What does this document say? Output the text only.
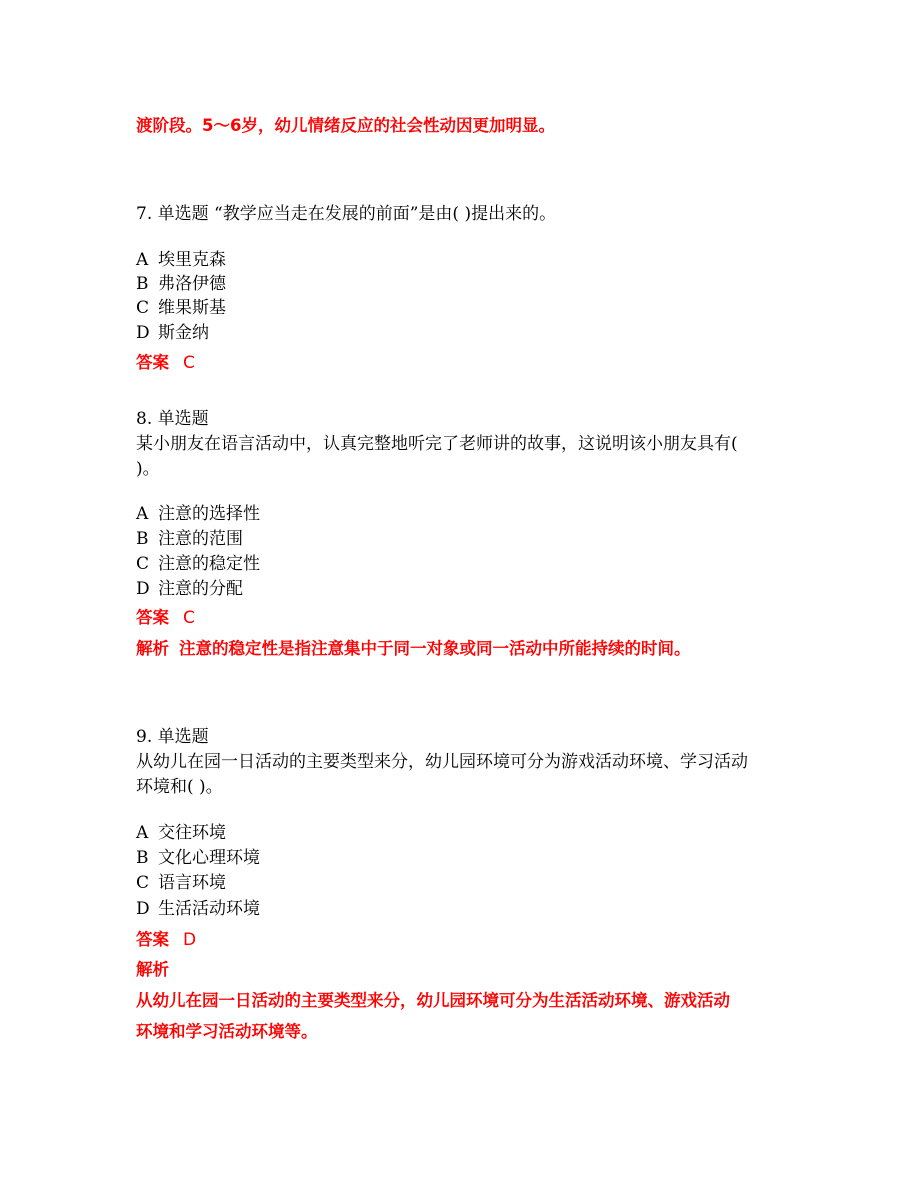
渡阶段。5～6岁，幼儿情绪反应的社会性动因更加明显。
7. 单选题 “教学应当走在发展的前面”是由( )提出来的。
A 埃里克森
B 弗洛伊德
C 维果斯基
D 斯金纳
答案 C
8. 单选题
某小朋友在语言活动中，认真完整地听完了老师讲的故事，这说明该小朋友具有(
)。
A 注意的选择性
B 注意的范围
C 注意的稳定性
D 注意的分配
答案 C
解析 注意的稳定性是指注意集中于同一对象或同一活动中所能持续的时间。
9. 单选题
从幼儿在园一日活动的主要类型来分，幼儿园环境可分为游戏活动环境、学习活动
环境和( )。
A 交往环境
B 文化心理环境
C 语言环境
D 生活活动环境
答案 D
解析
从幼儿在园一日活动的主要类型来分，幼儿园环境可分为生活活动环境、游戏活动
环境和学习活动环境等。
